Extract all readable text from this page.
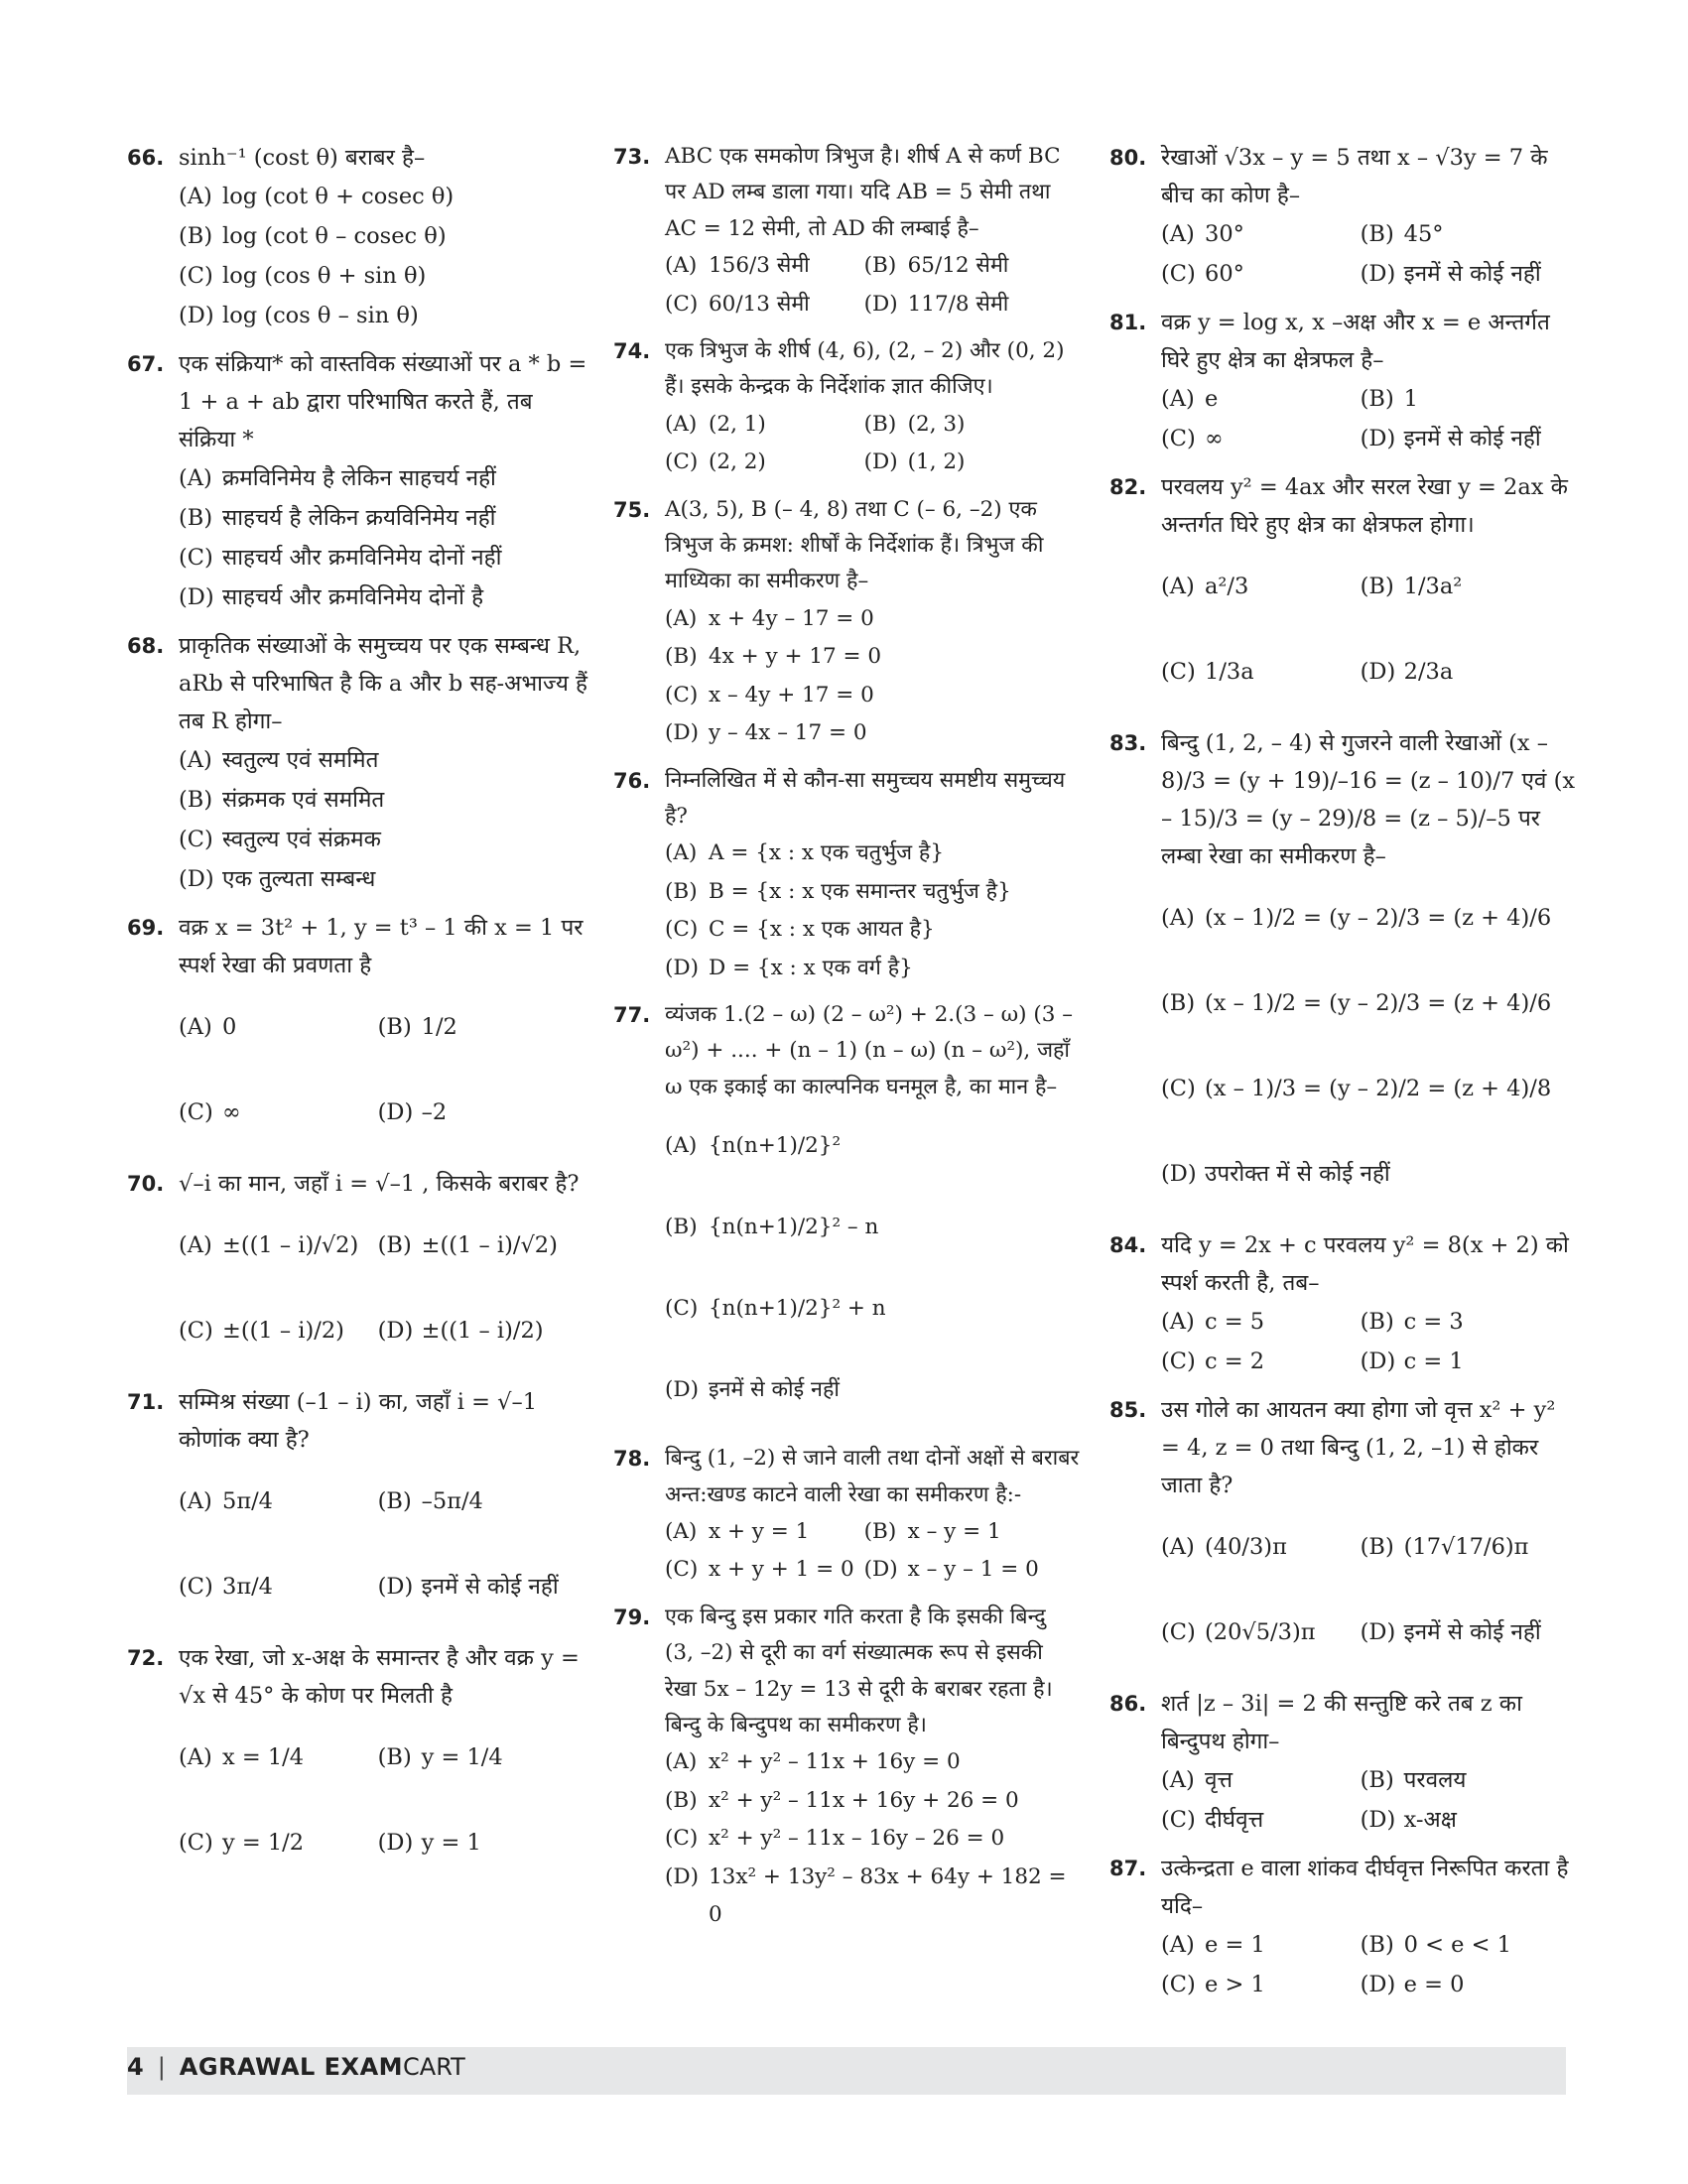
66. sinh⁻¹ (cost θ) बराबर है–
(A) log (cot θ + cosec θ)
(B) log (cot θ – cosec θ)
(C) log (cos θ + sin θ)
(D) log (cos θ – sin θ)
67. एक संक्रिया* को वास्तविक संख्याओं पर a * b = 1 + a + ab द्वारा परिभाषित करते हैं, तब संक्रिया *
(A) क्रमविनिमेय है लेकिन साहचर्य नहीं
(B) साहचर्य है लेकिन क्रयविनिमेय नहीं
(C) साहचर्य और क्रमविनिमेय दोनों नहीं
(D) साहचर्य और क्रमविनिमेय दोनों है
68. प्राकृतिक संख्याओं के समुच्चय पर एक सम्बन्ध R, aRb से परिभाषित है कि a और b सह-अभाज्य हैं तब R होगा–
(A) स्वतुल्य एवं सममित
(B) संक्रमक एवं सममित
(C) स्वतुल्य एवं संक्रमक
(D) एक तुल्यता सम्बन्ध
69. वक्र x = 3t² + 1, y = t³ – 1 की x = 1 पर स्पर्श रेखा की प्रवणता है
(A) 0	(B) 1/2
(C) ∞	(D) –2
70. √–i का मान, जहाँ i = √–1 , किसके बराबर है?
(A) ±((1 – i)/√2) (B) ±((1 – i)/√2)
(C) ±((1 – i)/2)	(D) ±((1 – i)/2)
71. सम्मिश्र संख्या (–1 – i) का, जहाँ i = √–1 कोणांक क्या है?
(A) 5π/4	(B) –5π/4
(C) 3π/4	(D) इनमें से कोई नहीं
72. एक रेखा, जो x-अक्ष के समान्तर है और वक्र y = √x से 45° के कोण पर मिलती है
(A) x = 1/4	(B) y = 1/4
(C) y = 1/2	(D) y = 1
73. ABC एक समकोण त्रिभुज है। शीर्ष A से कर्ण BC पर AD लम्ब डाला गया। यदि AB = 5 सेमी तथा AC = 12 सेमी, तो AD की लम्बाई है–
(A) 156/3 सेमी	(B) 65/12 सेमी
(C) 60/13 सेमी	(D) 117/8 सेमी
74. एक त्रिभुज के शीर्ष (4, 6), (2, – 2) और (0, 2) हैं। इसके केन्द्रक के निर्देशांक ज्ञात कीजिए।
(A) (2, 1)	(B) (2, 3)
(C) (2, 2)	(D) (1, 2)
75. A(3, 5), B (– 4, 8) तथा C (– 6, –2) एक त्रिभुज के क्रमश: शीर्षों के निर्देशांक हैं। त्रिभुज की माध्यिका का समीकरण है–
(A) x + 4y – 17 = 0
(B) 4x + y + 17 = 0
(C) x – 4y + 17 = 0
(D) y – 4x – 17 = 0
76. निम्नलिखित में से कौन-सा समुच्चय समष्टीय समुच्चय है?
(A) A = {x : x एक चतुर्भुज है}
(B) B = {x : x एक समान्तर चतुर्भुज है}
(C) C = {x : x एक आयत है}
(D) D = {x : x एक वर्ग है}
77. व्यंजक 1.(2 – ω) (2 – ω²) + 2.(3 – ω) (3 – ω²) + .... + (n – 1) (n – ω) (n – ω²), जहाँ ω एक इकाई का काल्पनिक घनमूल है, का मान है–
(A) {n(n+1)/2}²
(B) {n(n+1)/2}² – n
(C) {n(n+1)/2}² + n
(D) इनमें से कोई नहीं
78. बिन्दु (1, –2) से जाने वाली तथा दोनों अक्षों से बराबर अन्त:खण्ड काटने वाली रेखा का समीकरण है:-
(A) x + y = 1	(B) x – y = 1
(C) x + y + 1 = 0 (D) x – y – 1 = 0
79. एक बिन्दु इस प्रकार गति करता है कि इसकी बिन्दु (3, –2) से दूरी का वर्ग संख्यात्मक रूप से इसकी रेखा 5x – 12y = 13 से दूरी के बराबर रहता है। बिन्दु के बिन्दुपथ का समीकरण है।
(A) x² + y² – 11x + 16y = 0
(B) x² + y² – 11x + 16y + 26 = 0
(C) x² + y² – 11x – 16y – 26 = 0
(D) 13x² + 13y² – 83x + 64y + 182 = 0
80. रेखाओं √3x – y = 5 तथा x – √3y = 7 के बीच का कोण है–
(A) 30°	(B) 45°
(C) 60°	(D) इनमें से कोई नहीं
81. वक्र y = log x, x –अक्ष और x = e अन्तर्गत घिरे हुए क्षेत्र का क्षेत्रफल है–
(A) e	(B) 1
(C) ∞	(D) इनमें से कोई नहीं
82. परवलय y² = 4ax और सरल रेखा y = 2ax के अन्तर्गत घिरे हुए क्षेत्र का क्षेत्रफल होगा।
(A) a²/3	(B) 1/3a²
(C) 1/3a	(D) 2/3a
83. बिन्दु (1, 2, – 4) से गुजरने वाली रेखाओं (x – 8)/3 = (y + 19)/–16 = (z – 10)/7 एवं (x – 15)/3 = (y – 29)/8 = (z – 5)/–5 पर लम्बा रेखा का समीकरण है–
(A) (x – 1)/2 = (y – 2)/3 = (z + 4)/6
(B) (x – 1)/2 = (y – 2)/3 = (z + 4)/6
(C) (x – 1)/3 = (y – 2)/2 = (z + 4)/8
(D) उपरोक्त में से कोई नहीं
84. यदि y = 2x + c परवलय y² = 8(x + 2) को स्पर्श करती है, तब–
(A) c = 5	(B) c = 3
(C) c = 2	(D) c = 1
85. उस गोले का आयतन क्या होगा जो वृत्त x² + y² = 4, z = 0 तथा बिन्दु (1, 2, –1) से होकर जाता है?
(A) (40/3)π	(B) (17√17/6)π
(C) (20√5/3)π	(D) इनमें से कोई नहीं
86. शर्त |z – 3i| = 2 की सन्तुष्टि करे तब z का बिन्दुपथ होगा–
(A) वृत्त	(B) परवलय
(C) दीर्घवृत्त	(D) x-अक्ष
87. उत्केन्द्रता e वाला शांकव दीर्घवृत्त निरूपित करता है यदि–
(A) e = 1	(B) 0 < e < 1
(C) e > 1	(D) e = 0
4 | AGRAWAL EXAMCART
